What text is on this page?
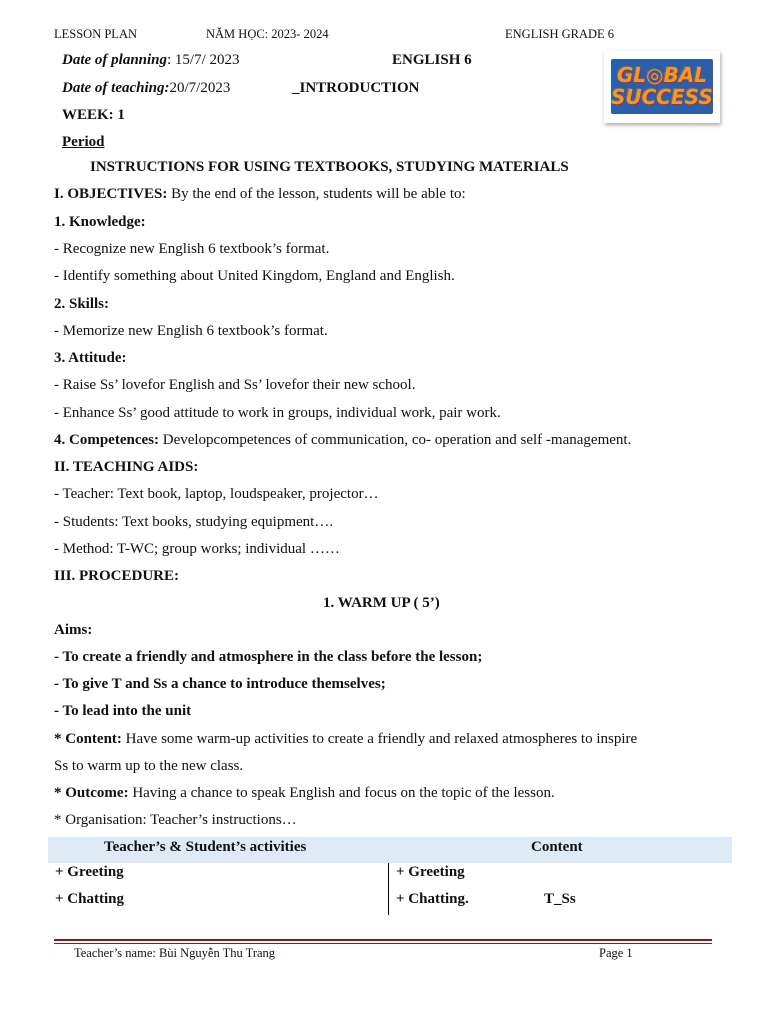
LESSON PLAN	NĂM HỌC: 2023- 2024	ENGLISH GRADE 6
GL◎BAL
SUCCESS
Date of planning: 15/7/ 2023	ENGLISH 6
Date of teaching:20/7/2023	_INTRODUCTION
WEEK: 1
Period
INSTRUCTIONS FOR USING TEXTBOOKS, STUDYING MATERIALS
I. OBJECTIVES: By the end of the lesson, students will be able to:
1. Knowledge:
- Recognize new English 6 textbook’s format.
- Identify something about United Kingdom, England and English.
2. Skills:
- Memorize new English 6 textbook’s format.
3. Attitude:
- Raise Ss’ lovefor English and Ss’ lovefor their new school.
- Enhance Ss’ good attitude to work in groups, individual work, pair work.
4. Competences: Developcompetences of communication, co- operation and self -management.
II. TEACHING AIDS:
- Teacher: Text book, laptop, loudspeaker, projector…
- Students: Text books, studying equipment….
- Method: T-WC; group works; individual ……
III. PROCEDURE:
1. WARM UP ( 5’)
Aims:
- To create a friendly and atmosphere in the class before the lesson;
- To give T and Ss a chance to introduce themselves;
- To lead into the unit
* Content: Have some warm-up activities to create a friendly and relaxed atmospheres to inspire
Ss to warm up to the new class.
* Outcome: Having a chance to speak English and focus on the topic of the lesson.
* Organisation: Teacher’s instructions…
Teacher’s & Student’s activities	Content
+ Greeting	+ Greeting
+ Chatting	+ Chatting.	T_Ss
Teacher’s name: Bùi Nguyễn Thu Trang	Page 1
